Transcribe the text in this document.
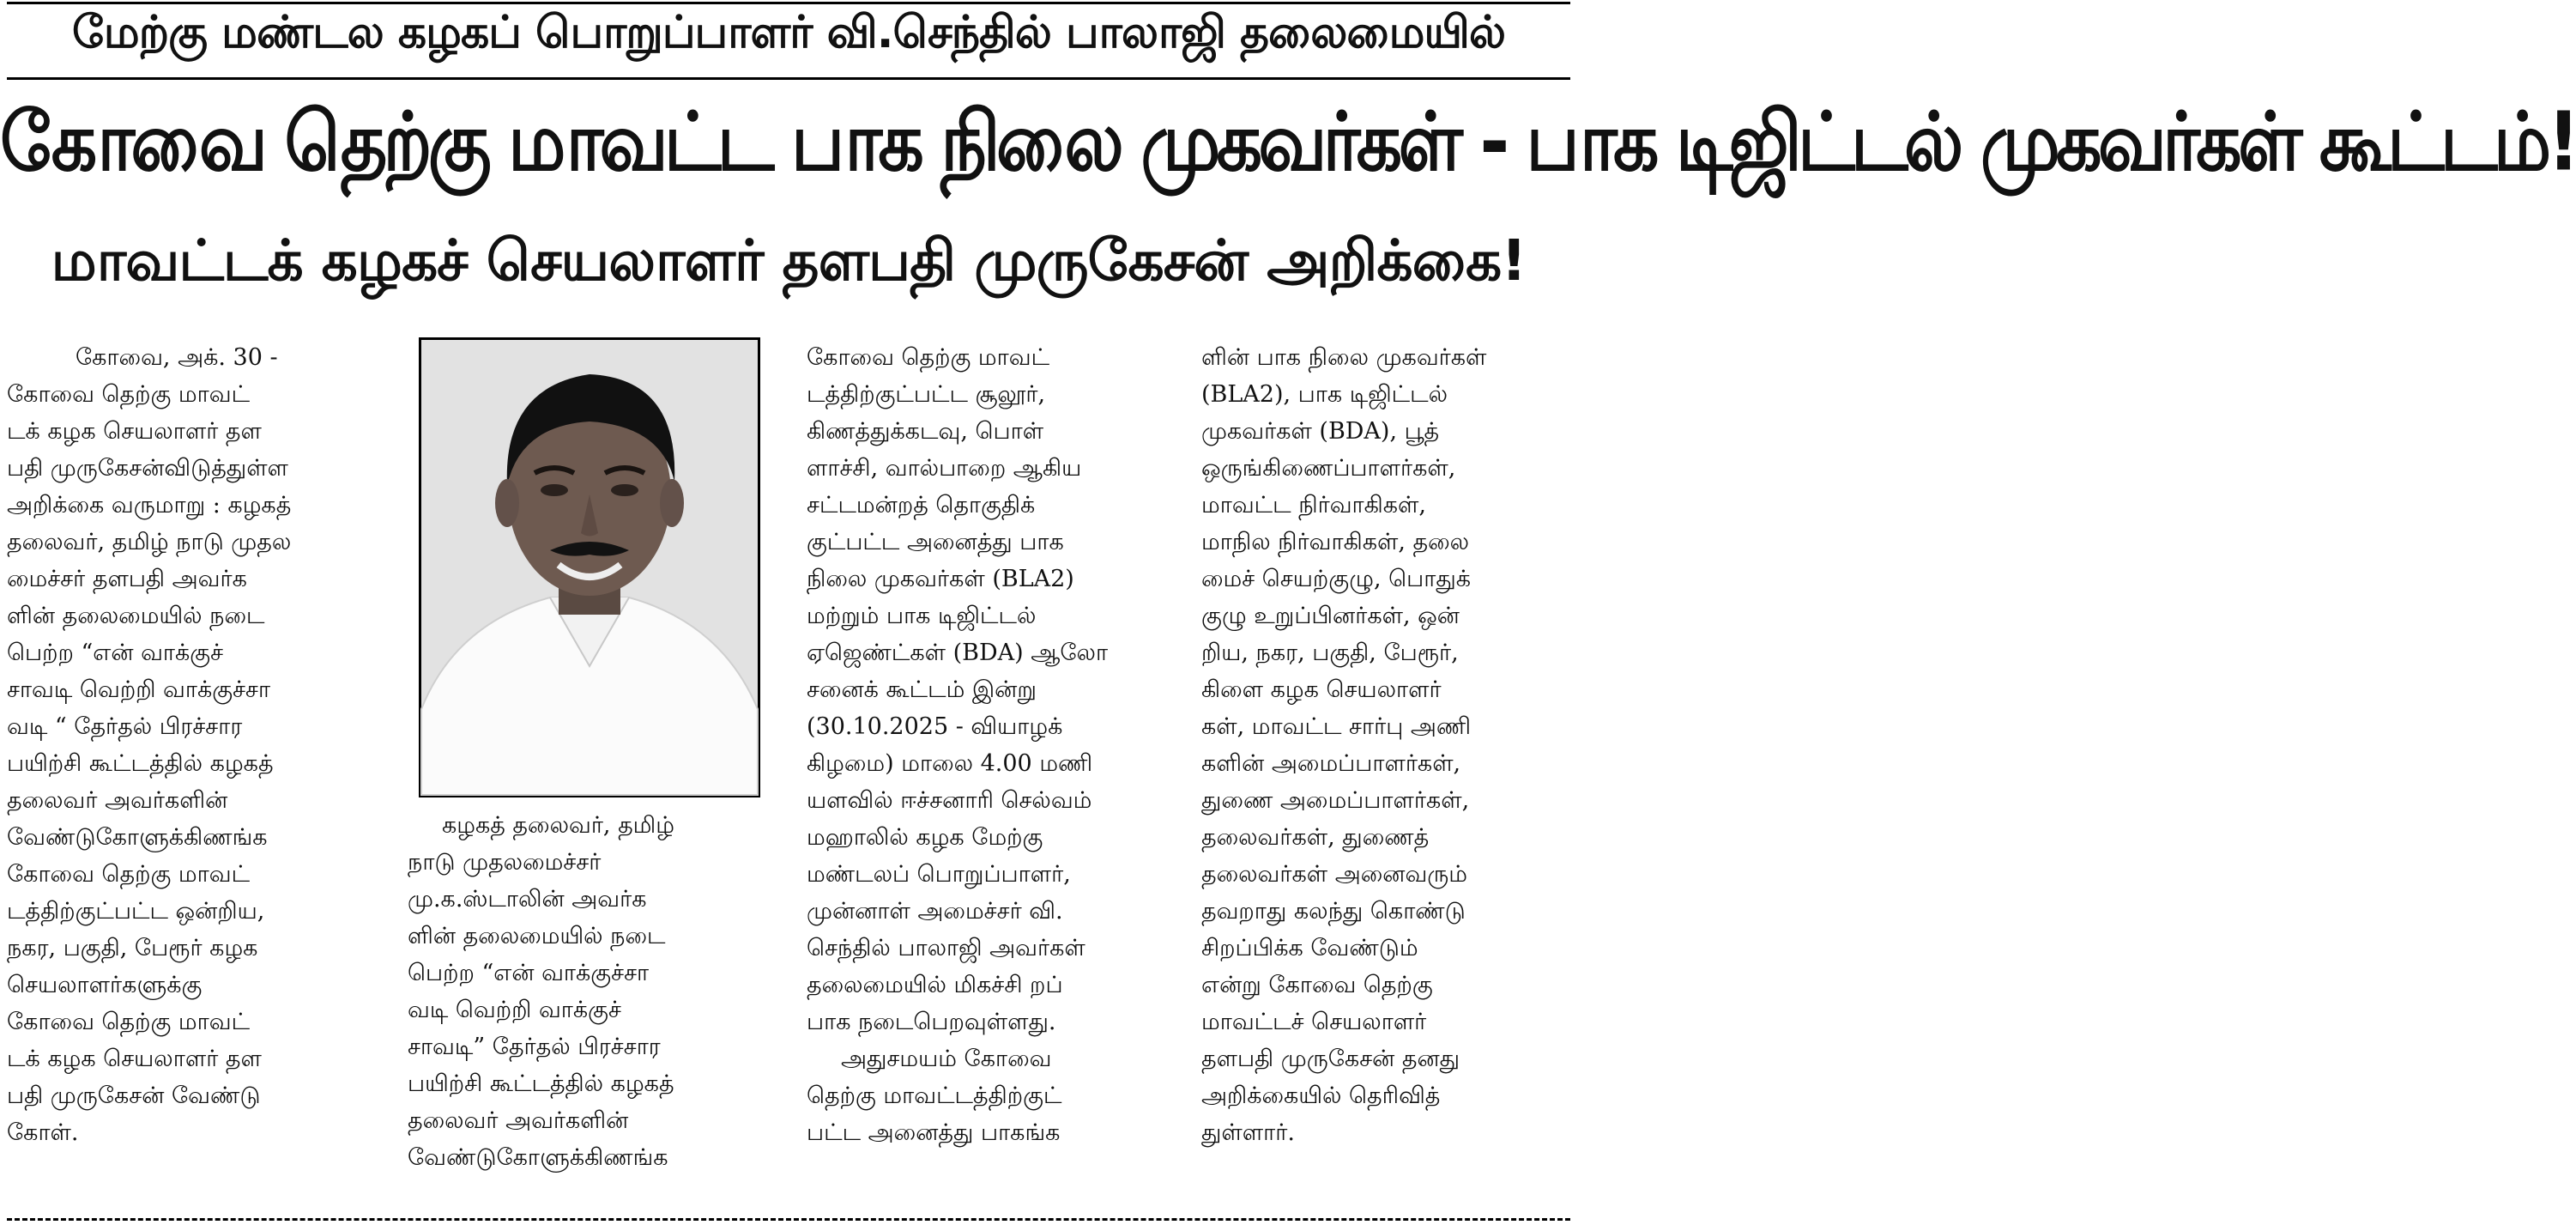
மேற்கு மண்டல கழகப் பொறுப்பாளர் வி.செந்தில் பாலாஜி தலைமையில்
கோவை தெற்கு மாவட்ட பாக நிலை முகவர்கள் - பாக டிஜிட்டல் முகவர்கள் கூட்டம்!
மாவட்டக் கழகச் செயலாளர் தளபதி முருகேசன் அறிக்கை!
கோவை, அக். 30 -
கோவை தெற்கு மாவட்
டக் கழக செயலாளர் தள
பதி முருகேசன்விடுத்துள்ள
அறிக்கை வருமாறு : கழகத்
தலைவர், தமிழ் நாடு முதல
மைச்சர் தளபதி அவர்க
ளின் தலைமையில் நடை
பெற்ற “என் வாக்குச்
சாவடி வெற்றி வாக்குச்சா
வடி “ தேர்தல் பிரச்சார
பயிற்சி கூட்டத்தில் கழகத்
தலைவர் அவர்களின்
வேண்டுகோளுக்கிணங்க
கோவை தெற்கு மாவட்
டத்திற்குட்பட்ட ஒன்றிய,
நகர, பகுதி, பேரூர் கழக
செயலாளர்களுக்கு
கோவை தெற்கு மாவட்
டக் கழக செயலாளர் தள
பதி முருகேசன் வேண்டு
கோள்.
கழகத் தலைவர், தமிழ்
நாடு முதலமைச்சர்
மு.க.ஸ்டாலின் அவர்க
ளின் தலைமையில் நடை
பெற்ற “என் வாக்குச்சா
வடி வெற்றி வாக்குச்
சாவடி” தேர்தல் பிரச்சார
பயிற்சி கூட்டத்தில் கழகத்
தலைவர் அவர்களின்
வேண்டுகோளுக்கிணங்க
கோவை தெற்கு மாவட்
டத்திற்குட்பட்ட சூலூர்,
கிணத்துக்கடவு, பொள்
ளாச்சி, வால்பாறை ஆகிய
சட்டமன்றத் தொகுதிக்
குட்பட்ட அனைத்து பாக
நிலை முகவர்கள் (BLA2)
மற்றும் பாக டிஜிட்டல்
ஏஜெண்ட்கள் (BDA) ஆலோ
சனைக் கூட்டம் இன்று
(30.10.2025 - வியாழக்
கிழமை) மாலை 4.00 மணி
யளவில் ஈச்சனாரி செல்வம்
மஹாலில் கழக மேற்கு
மண்டலப் பொறுப்பாளர்,
முன்னாள் அமைச்சர் வி.
செந்தில் பாலாஜி அவர்கள்
தலைமையில் மிகச்சி றப்
பாக நடைபெறவுள்ளது.
அதுசமயம் கோவை
தெற்கு மாவட்டத்திற்குட்
பட்ட அனைத்து பாகங்க
ளின் பாக நிலை முகவர்கள்
(BLA2), பாக டிஜிட்டல்
முகவர்கள் (BDA), பூத்
ஒருங்கிணைப்பாளர்கள்,
மாவட்ட நிர்வாகிகள்,
மாநில நிர்வாகிகள், தலை
மைச் செயற்குழு, பொதுக்
குழு உறுப்பினர்கள், ஒன்
றிய, நகர, பகுதி, பேரூர்,
கிளை கழக செயலாளர்
கள், மாவட்ட சார்பு அணி
களின் அமைப்பாளர்கள்,
துணை அமைப்பாளர்கள்,
தலைவர்கள், துணைத்
தலைவர்கள் அனைவரும்
தவறாது கலந்து கொண்டு
சிறப்பிக்க வேண்டும்
என்று கோவை தெற்கு
மாவட்டச் செயலாளர்
தளபதி முருகேசன் தனது
அறிக்கையில் தெரிவித்
துள்ளார்.
